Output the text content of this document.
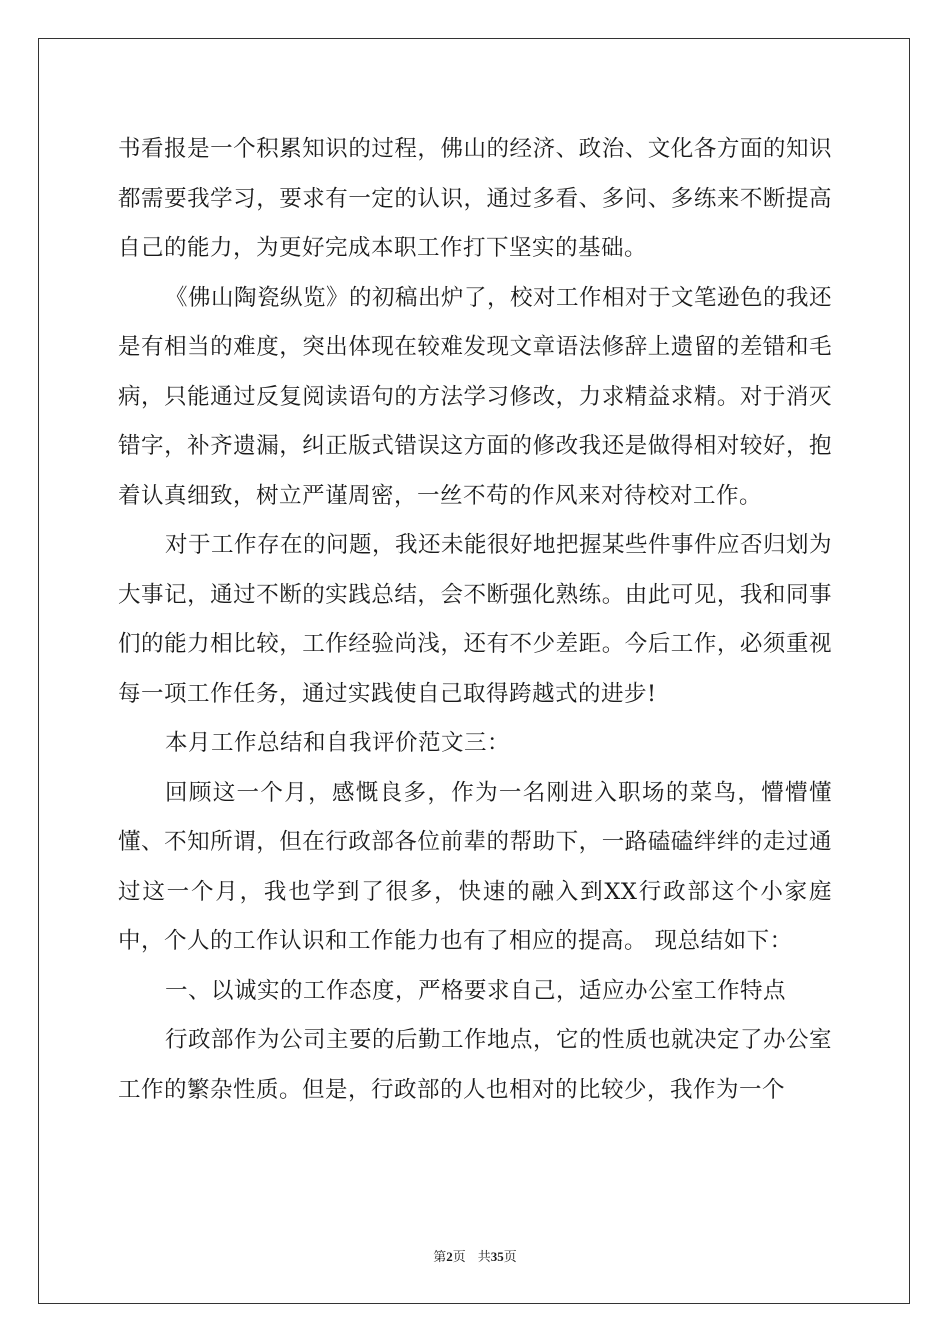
书看报是一个积累知识的过程，佛山的经济、政治、文化各方面的知识都需要我学习，要求有一定的认识，通过多看、多问、多练来不断提高自己的能力，为更好完成本职工作打下坚实的基础。

《佛山陶瓷纵览》的初稿出炉了，校对工作相对于文笔逊色的我还是有相当的难度，突出体现在较难发现文章语法修辞上遗留的差错和毛病，只能通过反复阅读语句的方法学习修改，力求精益求精。对于消灭错字，补齐遗漏，纠正版式错误这方面的修改我还是做得相对较好，抱着认真细致，树立严谨周密，一丝不苟的作风来对待校对工作。

对于工作存在的问题，我还未能很好地把握某些件事件应否归划为大事记，通过不断的实践总结，会不断强化熟练。由此可见，我和同事们的能力相比较，工作经验尚浅，还有不少差距。今后工作，必须重视每一项工作任务，通过实践使自己取得跨越式的进步!

本月工作总结和自我评价范文三：

回顾这一个月，感慨良多，作为一名刚进入职场的菜鸟，懵懵懂懂、不知所谓，但在行政部各位前辈的帮助下，一路磕磕绊绊的走过通过这一个月，我也学到了很多，快速的融入到XX行政部这个小家庭中，个人的工作认识和工作能力也有了相应的提高。 现总结如下：

一、以诚实的工作态度，严格要求自己，适应办公室工作特点

行政部作为公司主要的后勤工作地点，它的性质也就决定了办公室工作的繁杂性质。但是，行政部的人也相对的比较少，我作为一个

第2页 共35页
